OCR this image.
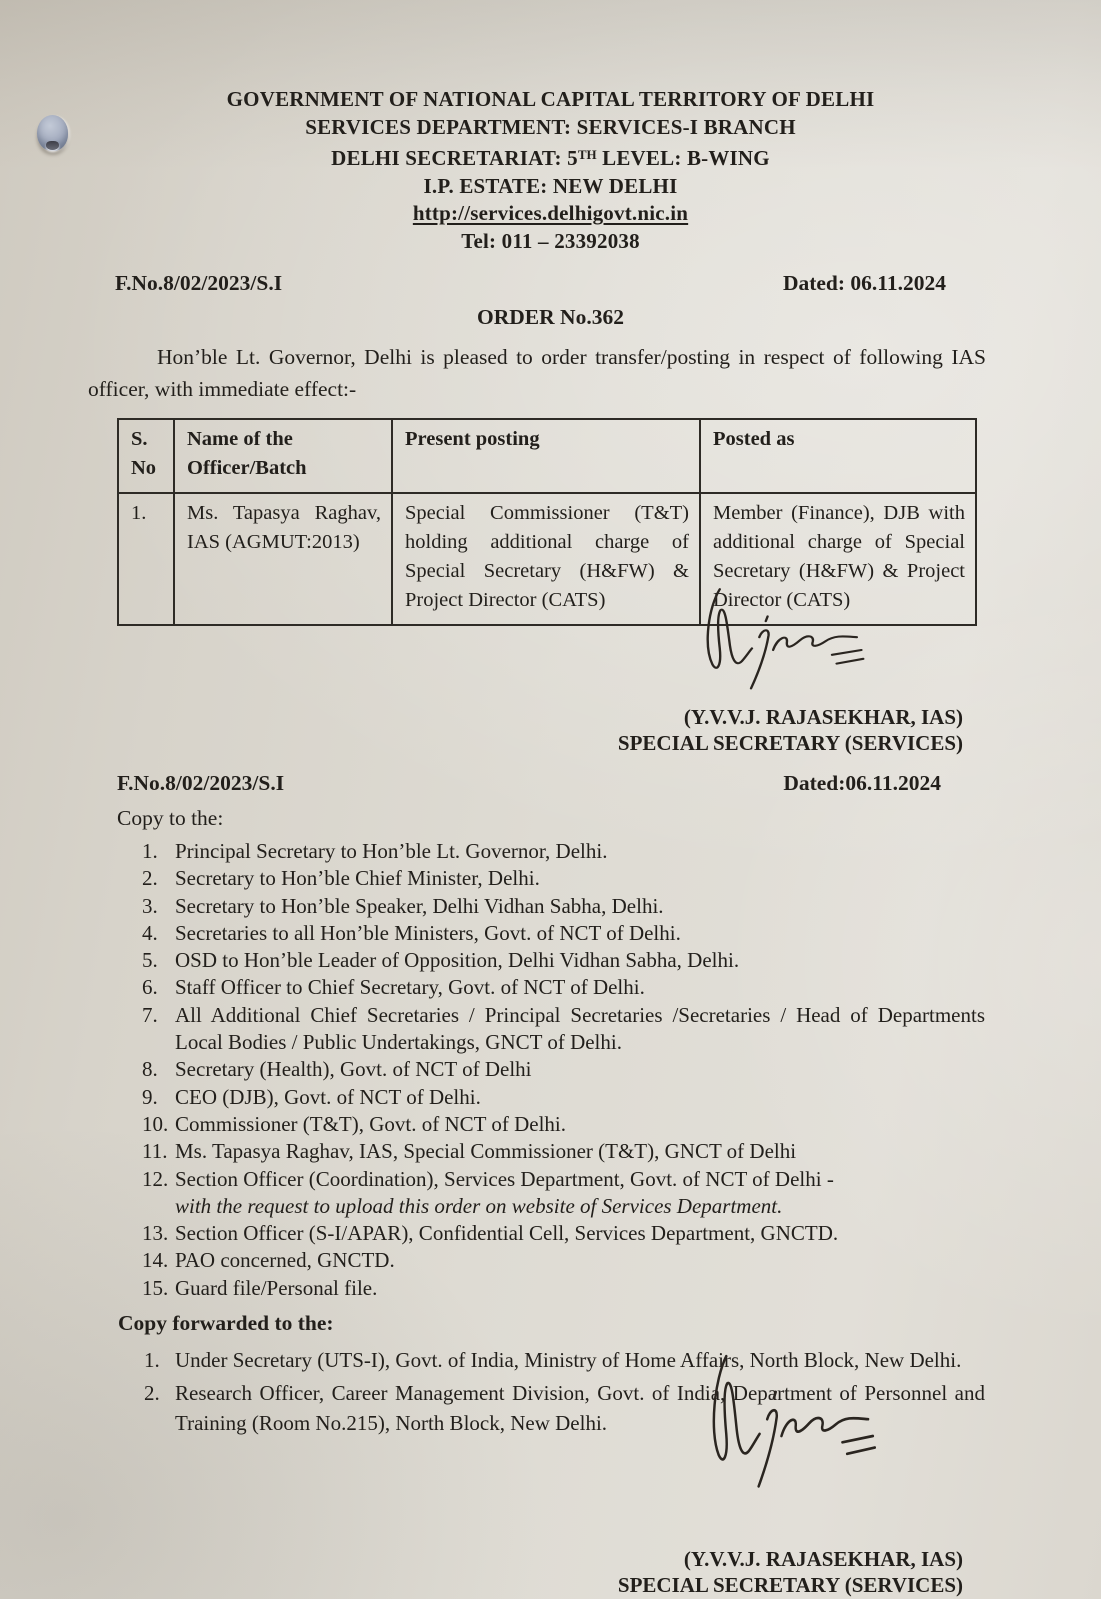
GOVERNMENT OF NATIONAL CAPITAL TERRITORY OF DELHI
SERVICES DEPARTMENT: SERVICES-I BRANCH
DELHI SECRETARIAT: 5TH LEVEL: B-WING
I.P. ESTATE: NEW DELHI
http://services.delhigovt.nic.in
Tel: 011 – 23392038
F.No.8/02/2023/S.I	Dated: 06.11.2024
ORDER No.362
Hon’ble Lt. Governor, Delhi is pleased to order transfer/posting in respect of following IAS officer, with immediate effect:-
S. No	Name of the Officer/Batch	Present posting	Posted as
1.	Ms. Tapasya Raghav, IAS (AGMUT:2013)	Special Commissioner (T&T) holding additional charge of Special Secretary (H&FW) & Project Director (CATS)	Member (Finance), DJB with additional charge of Special Secretary (H&FW) & Project Director (CATS)
(Y.V.V.J. RAJASEKHAR, IAS)
SPECIAL SECRETARY (SERVICES)
F.No.8/02/2023/S.I	Dated:06.11.2024
Copy to the:
1. Principal Secretary to Hon’ble Lt. Governor, Delhi.
2. Secretary to Hon’ble Chief Minister, Delhi.
3. Secretary to Hon’ble Speaker, Delhi Vidhan Sabha, Delhi.
4. Secretaries to all Hon’ble Ministers, Govt. of NCT of Delhi.
5. OSD to Hon’ble Leader of Opposition, Delhi Vidhan Sabha, Delhi.
6. Staff Officer to Chief Secretary, Govt. of NCT of Delhi.
7. All Additional Chief Secretaries / Principal Secretaries /Secretaries / Head of Departments Local Bodies / Public Undertakings, GNCT of Delhi.
8. Secretary (Health), Govt. of NCT of Delhi
9. CEO (DJB), Govt. of NCT of Delhi.
10. Commissioner (T&T), Govt. of NCT of Delhi.
11. Ms. Tapasya Raghav, IAS, Special Commissioner (T&T), GNCT of Delhi
12. Section Officer (Coordination), Services Department, Govt. of NCT of Delhi -
with the request to upload this order on website of Services Department.
13. Section Officer (S-I/APAR), Confidential Cell, Services Department, GNCTD.
14. PAO concerned, GNCTD.
15. Guard file/Personal file.
Copy forwarded to the:
1. Under Secretary (UTS-I), Govt. of India, Ministry of Home Affairs, North Block, New Delhi.
2. Research Officer, Career Management Division, Govt. of India, Department of Personnel and Training (Room No.215), North Block, New Delhi.
(Y.V.V.J. RAJASEKHAR, IAS)
SPECIAL SECRETARY (SERVICES)
